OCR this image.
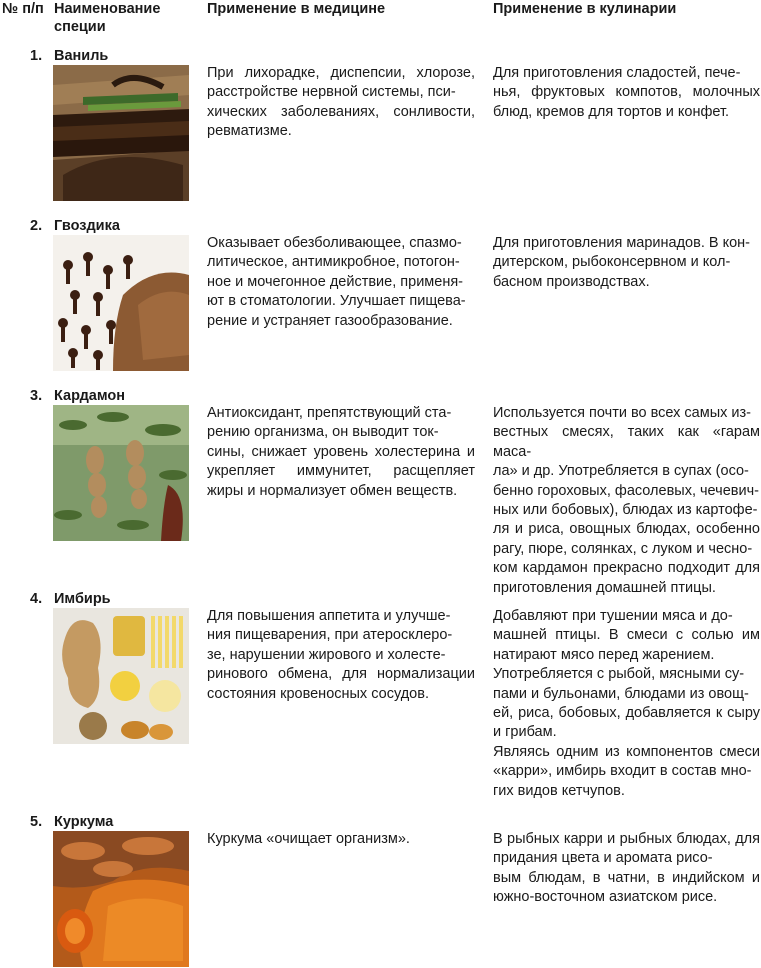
№ п/п Наименование
специи
Применение в медицине	Применение в кулинарии
1. Ваниль
При лихорадке, диспепсии, хлорозе, расстройстве нервной системы, пси-
хических заболеваниях, сонливости, ревматизме.
Для приготовления сладостей, пече-
нья, фруктовых компотов, молочных блюд, кремов для тортов и конфет.
2. Гвоздика
Оказывает обезболивающее, спазмо-
литическое, антимикробное, потогон-
ное и мочегонное действие, применя-
ют в стоматологии. Улучшает пищева-
рение и устраняет газообразование.
Для приготовления маринадов. В кон-
дитерском, рыбоконсервном и кол-
басном производствах.
3. Кардамон
Антиоксидант, препятствующий ста-
рению организма, он выводит ток-
сины, снижает уровень холестерина и укрепляет иммунитет, расщепляет жиры и нормализует обмен веществ.
Используется почти во всех самых из-
вестных смесях, таких как «гарам маса-
ла» и др. Употребляется в супах (осо-
бенно гороховых, фасолевых, чечевич-
ных или бобовых), блюдах из картофе-
ля и риса, овощных блюдах, особенно рагу, пюре, солянках, с луком и чесно-
ком кардамон прекрасно подходит для приготовления домашней птицы.
4. Имбирь
Для повышения аппетита и улучше-
ния пищеварения, при атеросклеро-
зе, нарушении жирового и холесте-
ринового обмена, для нормализации состояния кровеносных сосудов.
Добавляют при тушении мяса и до-
машней птицы. В смеси с солью им натирают мясо перед жарением.
Употребляется с рыбой, мясными су-
пами и бульонами, блюдами из овощ-
ей, риса, бобовых, добавляется к сыру и грибам.
Являясь одним из компонентов смеси «карри», имбирь входит в состав мно-
гих видов кетчупов.
5. Куркума
Куркума «очищает организм».	В рыбных карри и рыбных блюдах, для придания цвета и аромата рисо-
вым блюдам, в чатни, в индийском и южно-восточном азиатском рисе.
